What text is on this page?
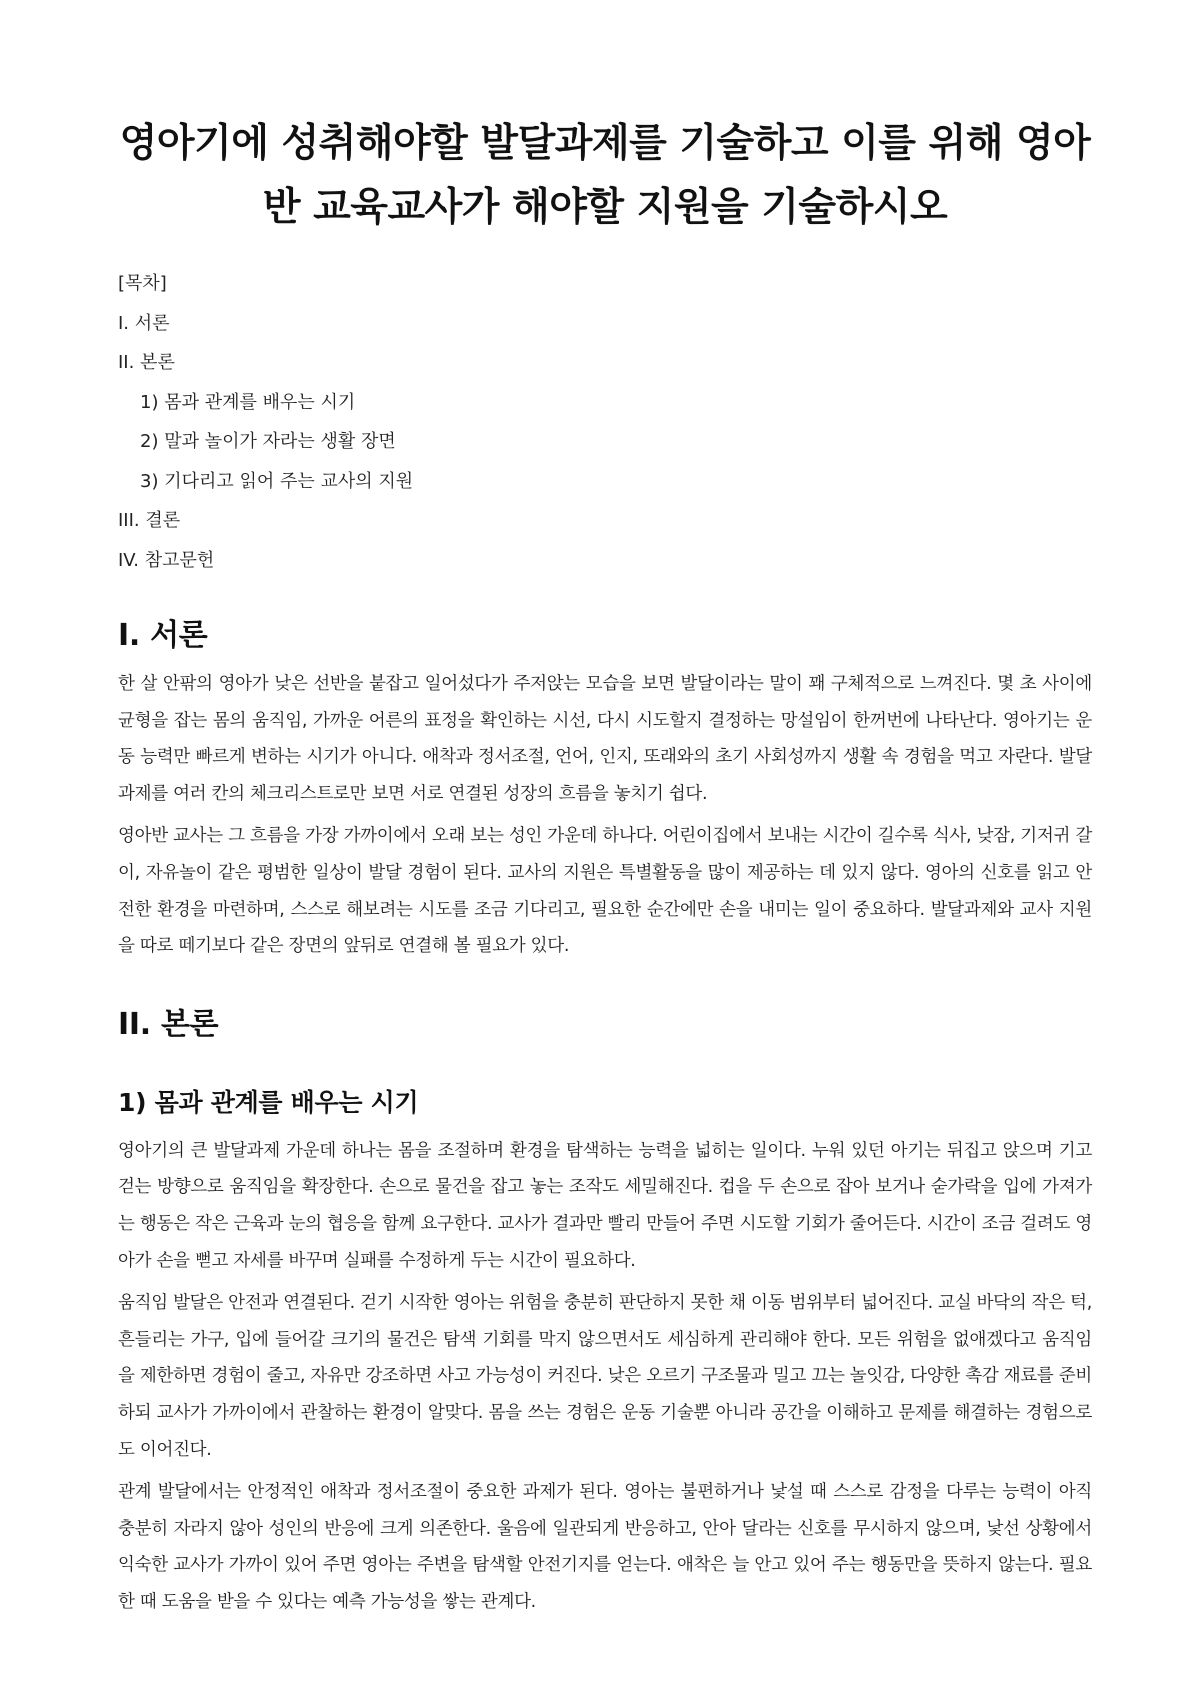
영아기에 성취해야할 발달과제를 기술하고 이를 위해 영아반 교육교사가 해야할 지원을 기술하시오
[목차]
I. 서론
II. 본론
1) 몸과 관계를 배우는 시기
2) 말과 놀이가 자라는 생활 장면
3) 기다리고 읽어 주는 교사의 지원
III. 결론
IV. 참고문헌
I. 서론

한 살 안팎의 영아가 낮은 선반을 붙잡고 일어섰다가 주저앉는 모습을 보면 발달이라는 말이 꽤 구체적으로 느껴진다. 몇 초 사이에 균형을 잡는 몸의 움직임, 가까운 어른의 표정을 확인하는 시선, 다시 시도할지 결정하는 망설임이 한꺼번에 나타난다. 영아기는 운동 능력만 빠르게 변하는 시기가 아니다. 애착과 정서조절, 언어, 인지, 또래와의 초기 사회성까지 생활 속 경험을 먹고 자란다. 발달과제를 여러 칸의 체크리스트로만 보면 서로 연결된 성장의 흐름을 놓치기 쉽다.

영아반 교사는 그 흐름을 가장 가까이에서 오래 보는 성인 가운데 하나다. 어린이집에서 보내는 시간이 길수록 식사, 낮잠, 기저귀 갈이, 자유놀이 같은 평범한 일상이 발달 경험이 된다. 교사의 지원은 특별활동을 많이 제공하는 데 있지 않다. 영아의 신호를 읽고 안전한 환경을 마련하며, 스스로 해보려는 시도를 조금 기다리고, 필요한 순간에만 손을 내미는 일이 중요하다. 발달과제와 교사 지원을 따로 떼기보다 같은 장면의 앞뒤로 연결해 볼 필요가 있다.

II. 본론
1) 몸과 관계를 배우는 시기

영아기의 큰 발달과제 가운데 하나는 몸을 조절하며 환경을 탐색하는 능력을 넓히는 일이다. 누워 있던 아기는 뒤집고 앉으며 기고 걷는 방향으로 움직임을 확장한다. 손으로 물건을 잡고 놓는 조작도 세밀해진다. 컵을 두 손으로 잡아 보거나 숟가락을 입에 가져가는 행동은 작은 근육과 눈의 협응을 함께 요구한다. 교사가 결과만 빨리 만들어 주면 시도할 기회가 줄어든다. 시간이 조금 걸려도 영아가 손을 뻗고 자세를 바꾸며 실패를 수정하게 두는 시간이 필요하다.

움직임 발달은 안전과 연결된다. 걷기 시작한 영아는 위험을 충분히 판단하지 못한 채 이동 범위부터 넓어진다. 교실 바닥의 작은 턱, 흔들리는 가구, 입에 들어갈 크기의 물건은 탐색 기회를 막지 않으면서도 세심하게 관리해야 한다. 모든 위험을 없애겠다고 움직임을 제한하면 경험이 줄고, 자유만 강조하면 사고 가능성이 커진다. 낮은 오르기 구조물과 밀고 끄는 놀잇감, 다양한 촉감 재료를 준비하되 교사가 가까이에서 관찰하는 환경이 알맞다. 몸을 쓰는 경험은 운동 기술뿐 아니라 공간을 이해하고 문제를 해결하는 경험으로도 이어진다.

관계 발달에서는 안정적인 애착과 정서조절이 중요한 과제가 된다. 영아는 불편하거나 낯설 때 스스로 감정을 다루는 능력이 아직 충분히 자라지 않아 성인의 반응에 크게 의존한다. 울음에 일관되게 반응하고, 안아 달라는 신호를 무시하지 않으며, 낯선 상황에서 익숙한 교사가 가까이 있어 주면 영아는 주변을 탐색할 안전기지를 얻는다. 애착은 늘 안고 있어 주는 행동만을 뜻하지 않는다. 필요한 때 도움을 받을 수 있다는 예측 가능성을 쌓는 관계다.
